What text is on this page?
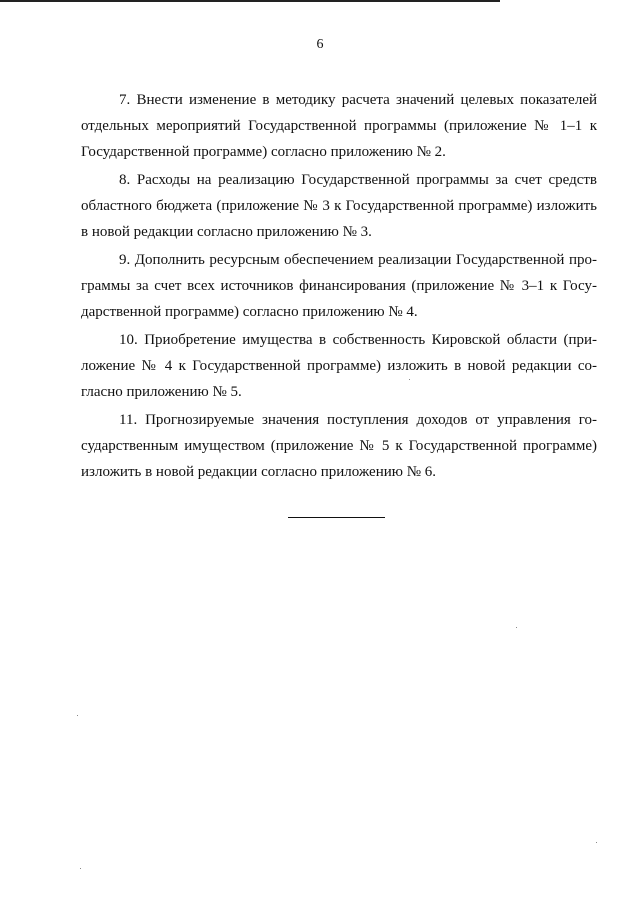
6

7. Внести изменение в методику расчета значений целевых показателей отдельных мероприятий Государственной программы (приложение № 1–1 к Государственной программе) согласно приложению № 2.

8. Расходы на реализацию Государственной программы за счет средств областного бюджета (приложение № 3 к Государственной программе) изложить в новой редакции согласно приложению № 3.

9. Дополнить ресурсным обеспечением реализации Государственной про- граммы за счет всех источников финансирования (приложение № 3–1 к Госу- дарственной программе) согласно приложению № 4.

10. Приобретение имущества в собственность Кировской области (при- ложение № 4 к Государственной программе) изложить в новой редакции со- гласно приложению № 5.

11. Прогнозируемые значения поступления доходов от управления го- сударственным имуществом (приложение № 5 к Государственной программе) изложить в новой редакции согласно приложению № 6.
